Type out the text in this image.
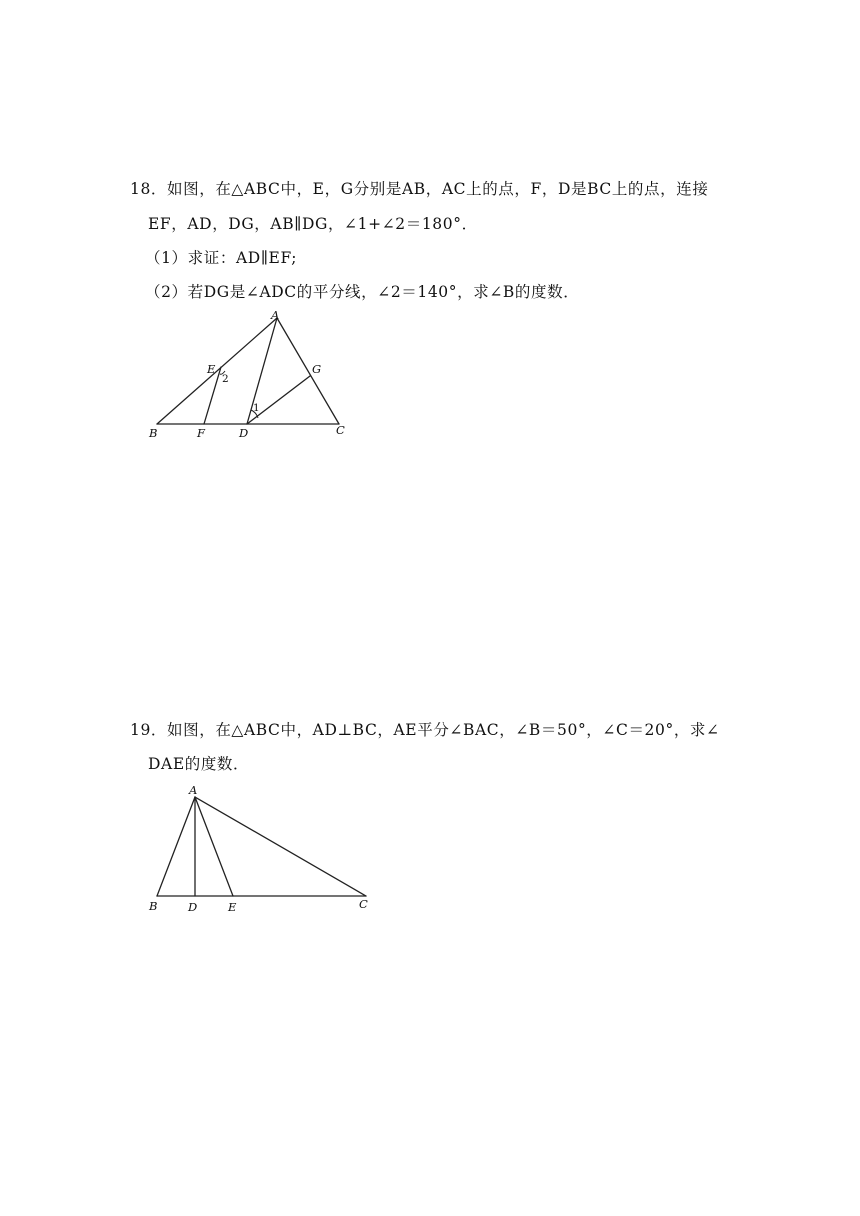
18．如图，在△ABC中，E，G分别是AB，AC上的点，F，D是BC上的点，连接

EF，AD，DG，AB∥DG，∠1+∠2＝180°．

（1）求证：AD∥EF;

（2）若DG是∠ADC的平分线，∠2＝140°，求∠B的度数．

A
E
2
G
1
B	F	D	C

19．如图，在△ABC中，AD⊥BC，AE平分∠BAC，∠B＝50°，∠C＝20°，求∠

DAE的度数．

A
B	D	E	C
